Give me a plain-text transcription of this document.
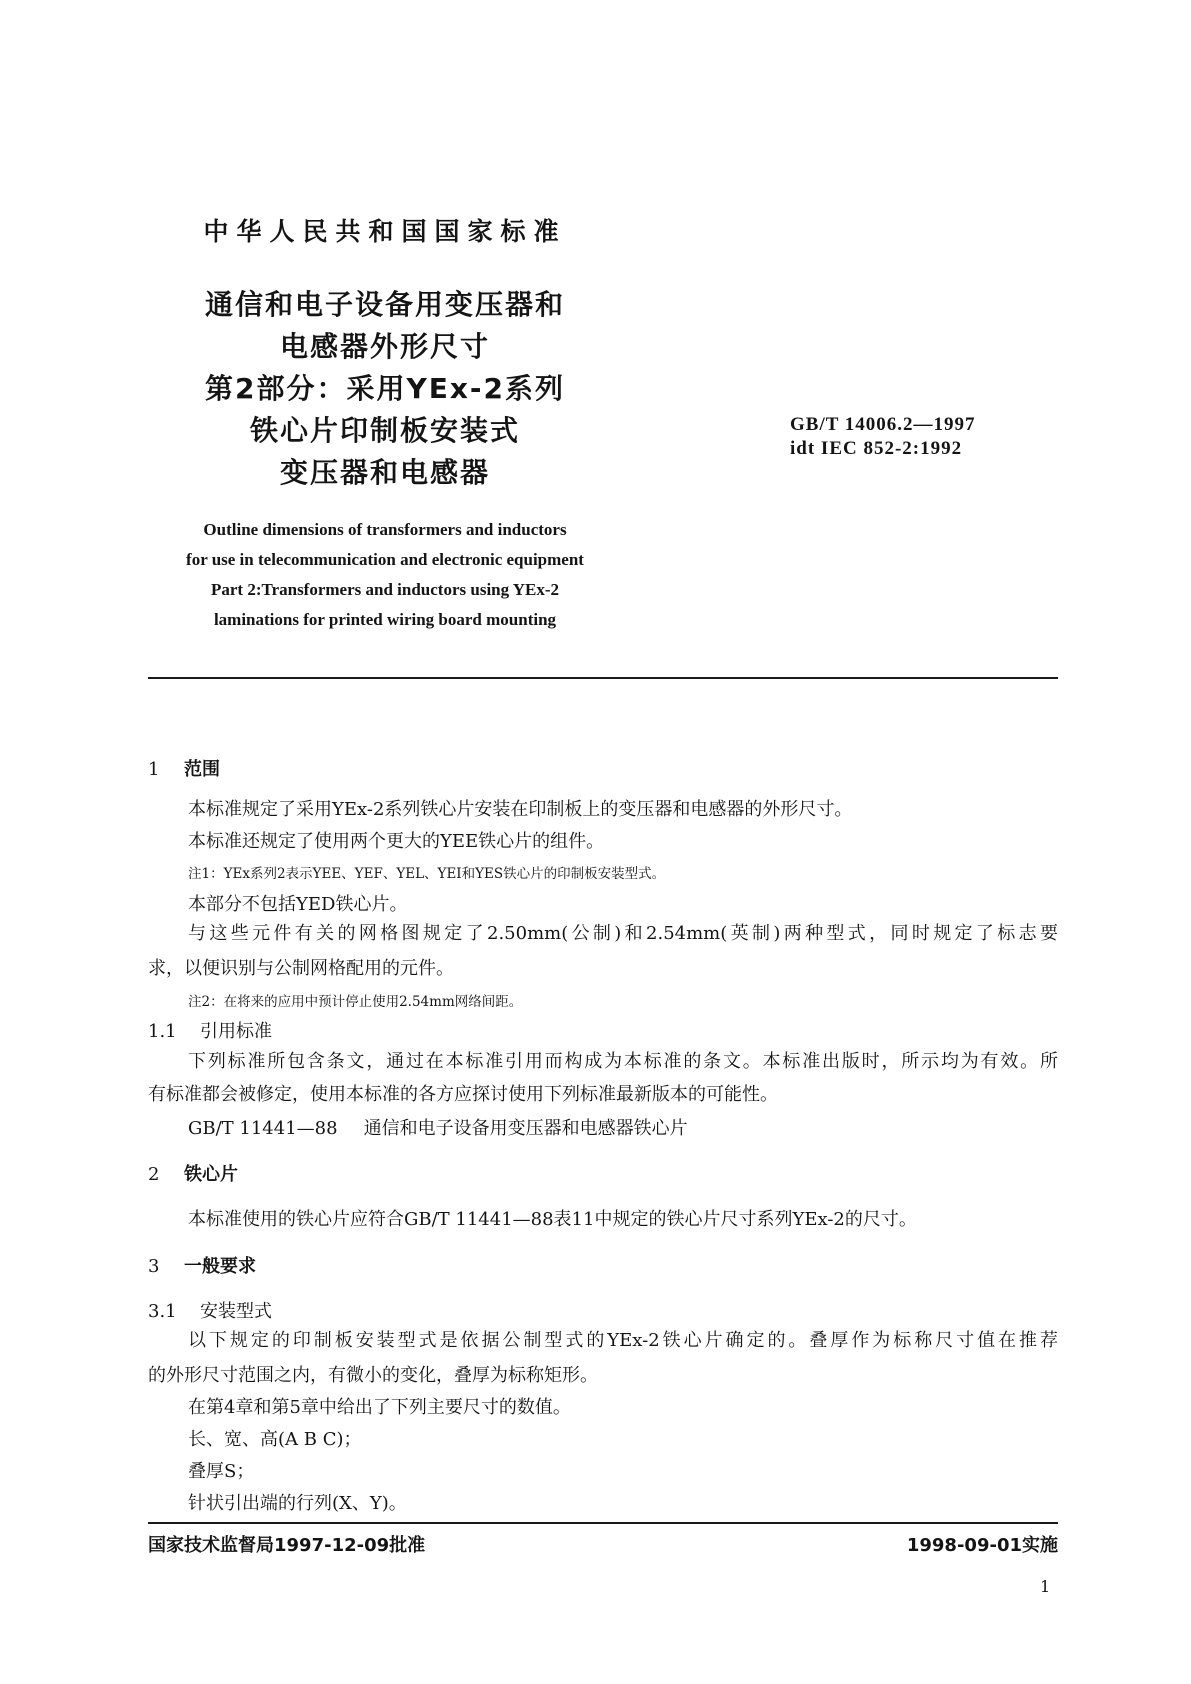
中华人民共和国国家标准
通信和电子设备用变压器和
电感器外形尺寸
第2部分：采用YEx-2系列
铁心片印制板安装式
变压器和电感器
GB/T 14006.2—1997
idt IEC 852-2:1992
Outline dimensions of transformers and inductors
for use in telecommunication and electronic equipment
Part 2:Transformers and inductors using YEx-2
laminations for printed wiring board mounting
1 范围
本标准规定了采用YEx-2系列铁心片安装在印制板上的变压器和电感器的外形尺寸。
本标准还规定了使用两个更大的YEE铁心片的组件。
注1：YEx系列2表示YEE、YEF、YEL、YEI和YES铁心片的印制板安装型式。
本部分不包括YED铁心片。
与这些元件有关的网格图规定了2.50mm(公制)和2.54mm(英制)两种型式，同时规定了标志要
求，以便识别与公制网格配用的元件。
注2：在将来的应用中预计停止使用2.54mm网络间距。
1.1 引用标准
下列标准所包含条文，通过在本标准引用而构成为本标准的条文。本标准出版时，所示均为有效。所
有标准都会被修定，使用本标准的各方应探讨使用下列标准最新版本的可能性。
GB/T 11441—88 通信和电子设备用变压器和电感器铁心片
2 铁心片
本标准使用的铁心片应符合GB/T 11441—88表11中规定的铁心片尺寸系列YEx-2的尺寸。
3 一般要求
3.1 安装型式
以下规定的印制板安装型式是依据公制型式的YEx-2铁心片确定的。叠厚作为标称尺寸值在推荐
的外形尺寸范围之内，有微小的变化，叠厚为标称矩形。
在第4章和第5章中给出了下列主要尺寸的数值。
长、宽、高(A B C)；
叠厚S；
针状引出端的行列(X、Y)。
国家技术监督局1997-12-09批准	1998-09-01实施
1
